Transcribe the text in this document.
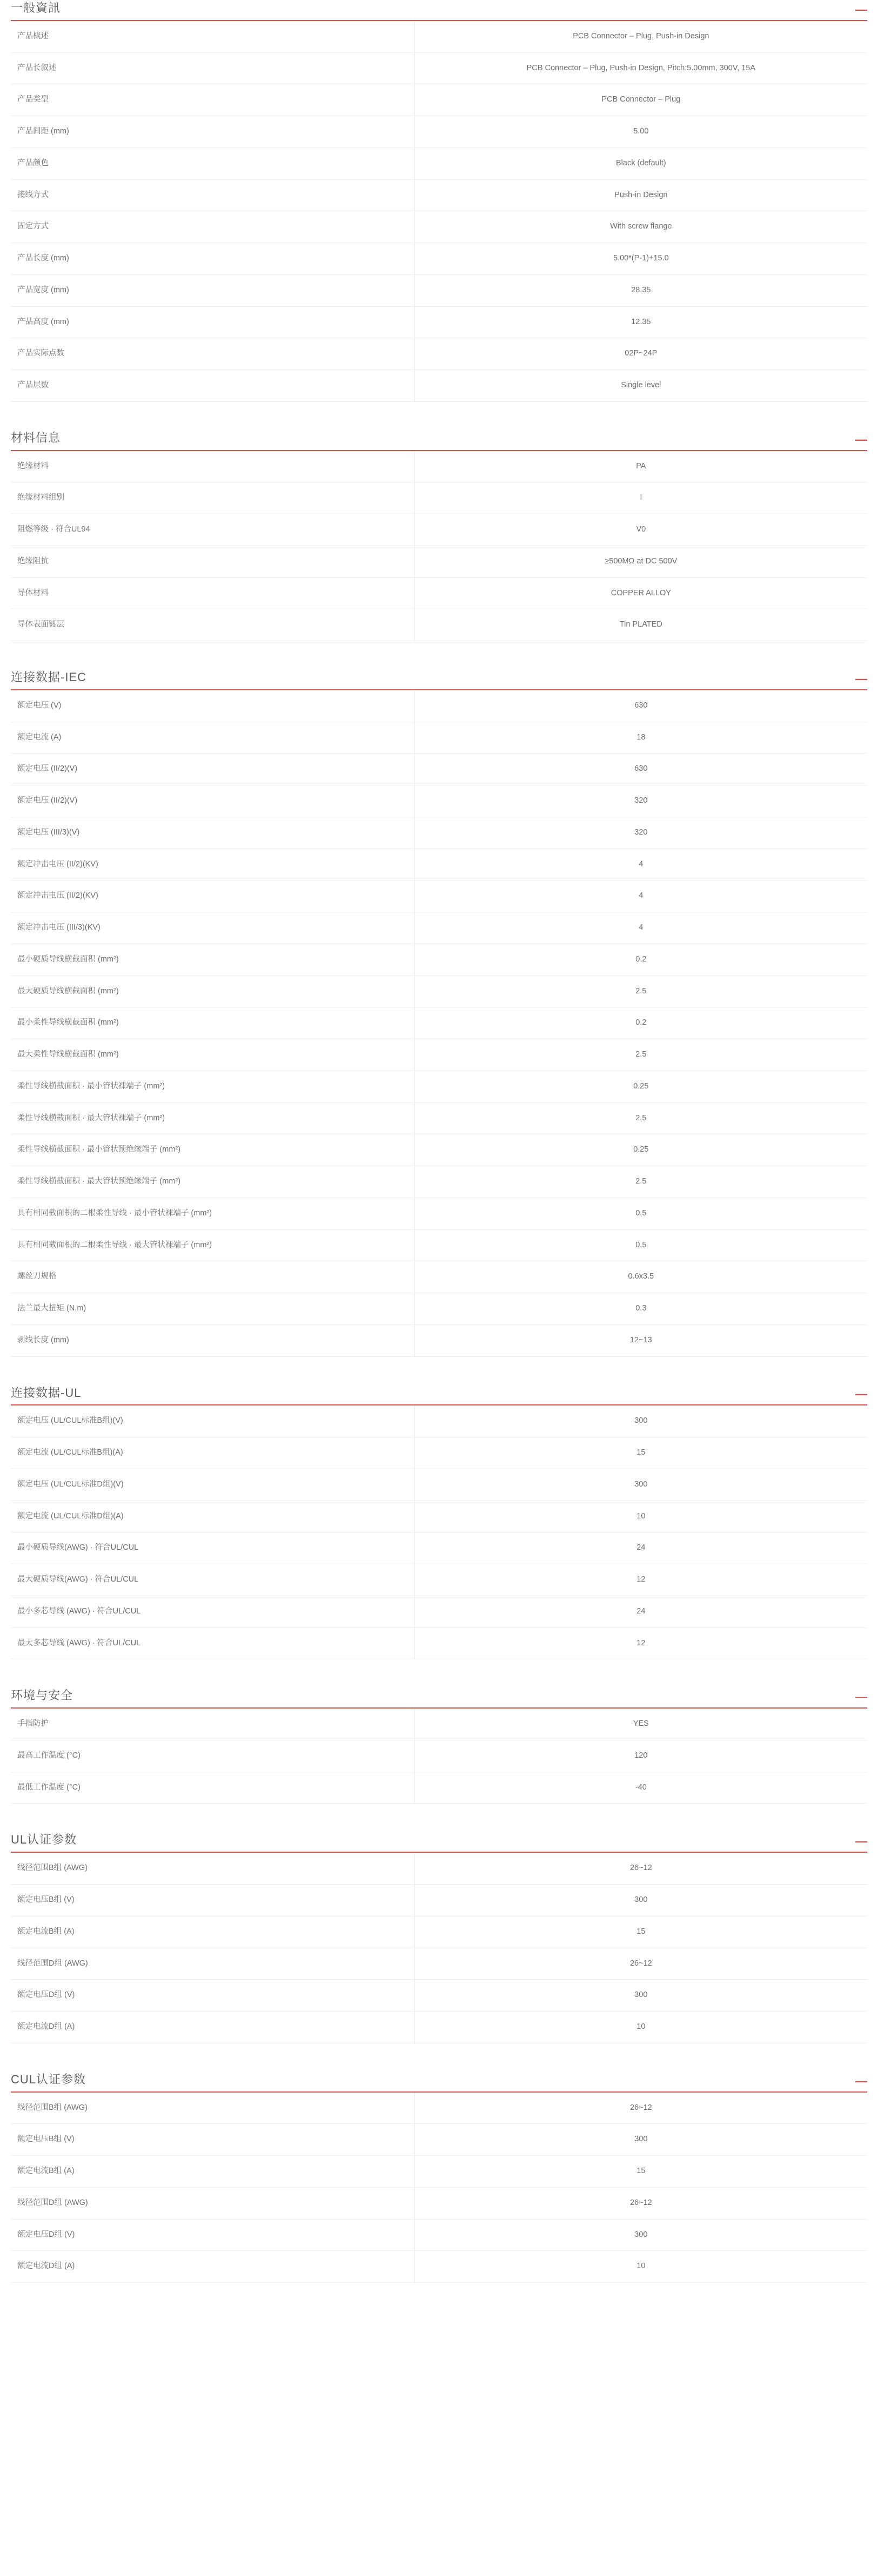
一般資訊	—
产品概述	PCB Connector – Plug, Push-in Design
产品长叙述	PCB Connector – Plug, Push-in Design, Pitch:5.00mm, 300V, 15A
产品类型	PCB Connector – Plug
产品间距 (mm)	5.00
产品颜色	Black (default)
接线方式	Push-in Design
固定方式	With screw flange
产品长度 (mm)	5.00*(P-1)+15.0
产品宽度 (mm)	28.35
产品高度 (mm)	12.35
产品实际点数	02P~24P
产品层数	Single level
材料信息	—
绝缘材料	PA
绝缘材料组别	I
阻燃等级 · 符合UL94	V0
绝缘阻抗	≥500MΩ at DC 500V
导体材料	COPPER ALLOY
导体表面镀层	Tin PLATED
连接数据-IEC	—
额定电压 (V)	630
额定电流 (A)	18
额定电压 (II/2)(V)	630
额定电压 (II/2)(V)	320
额定电压 (III/3)(V)	320
额定冲击电压 (II/2)(KV)	4
额定冲击电压 (II/2)(KV)	4
额定冲击电压 (III/3)(KV)	4
最小硬质导线横截面积 (mm²)	0.2
最大硬质导线横截面积 (mm²)	2.5
最小柔性导线横截面积 (mm²)	0.2
最大柔性导线横截面积 (mm²)	2.5
柔性导线横截面积 · 最小管状裸端子 (mm²)	0.25
柔性导线横截面积 · 最大管状裸端子 (mm²)	2.5
柔性导线横截面积 · 最小管状预绝缘端子 (mm²)	0.25
柔性导线横截面积 · 最大管状预绝缘端子 (mm²)	2.5
具有相同截面积的二根柔性导线 · 最小管状裸端子 (mm²)	0.5
具有相同截面积的二根柔性导线 · 最大管状裸端子 (mm²)	0.5
螺丝刀规格	0.6x3.5
法兰最大扭矩 (N.m)	0.3
剥线长度 (mm)	12~13
连接数据-UL	—
额定电压 (UL/CUL标准B组)(V)	300
额定电流 (UL/CUL标准B组)(A)	15
额定电压 (UL/CUL标准D组)(V)	300
额定电流 (UL/CUL标准D组)(A)	10
最小硬质导线(AWG) · 符合UL/CUL	24
最大硬质导线(AWG) · 符合UL/CUL	12
最小多芯导线 (AWG) · 符合UL/CUL	24
最大多芯导线 (AWG) · 符合UL/CUL	12
环境与安全	—
手指防护	YES
最高工作温度 (°C)	120
最低工作温度 (°C)	-40
UL认证参数	—
线径范围B组 (AWG)	26~12
额定电压B组 (V)	300
额定电流B组 (A)	15
线径范围D组 (AWG)	26~12
额定电压D组 (V)	300
额定电流D组 (A)	10
CUL认证参数	—
线径范围B组 (AWG)	26~12
额定电压B组 (V)	300
额定电流B组 (A)	15
线径范围D组 (AWG)	26~12
额定电压D组 (V)	300
额定电流D组 (A)	10
